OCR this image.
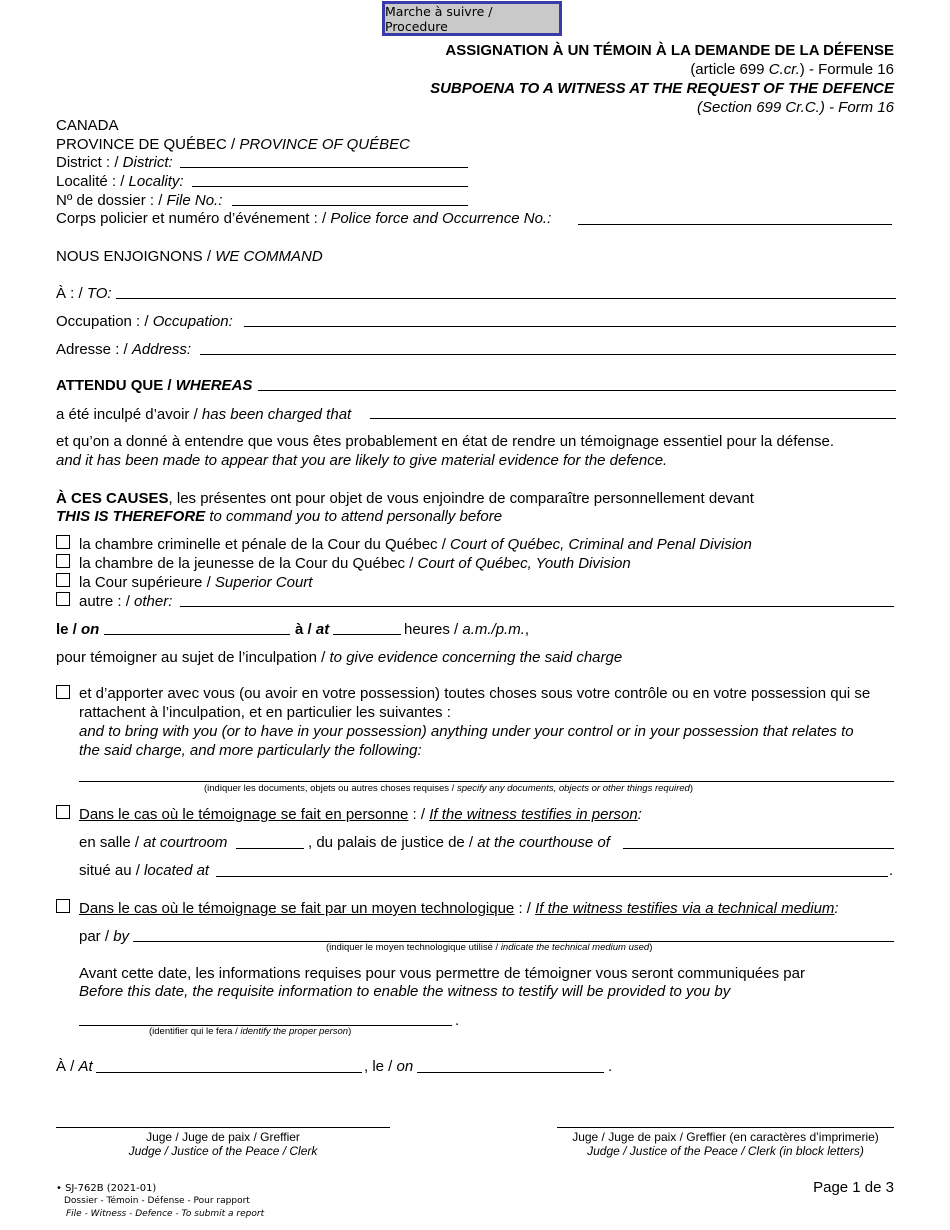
Marche à suivre / Procedure
ASSIGNATION À UN TÉMOIN À LA DEMANDE DE LA DÉFENSE
(article 699 C.cr.) - Formule 16
SUBPOENA TO A WITNESS AT THE REQUEST OF THE DEFENCE
(Section 699 Cr.C.) - Form 16
CANADA
PROVINCE DE QUÉBEC / PROVINCE OF QUÉBEC
District : / District:
Localité : / Locality:
Nº de dossier : / File No.:
Corps policier et numéro d’événement : / Police force and Occurrence No.:
NOUS ENJOIGNONS / WE COMMAND
À : / TO:
Occupation : / Occupation:
Adresse : / Address:
ATTENDU QUE / WHEREAS
a été inculpé d’avoir / has been charged that
et qu’on a donné à entendre que vous êtes probablement en état de rendre un témoignage essentiel pour la défense.
and it has been made to appear that you are likely to give material evidence for the defence.
À CES CAUSES, les présentes ont pour objet de vous enjoindre de comparaître personnellement devant
THIS IS THEREFORE to command you to attend personally before
la chambre criminelle et pénale de la Cour du Québec / Court of Québec, Criminal and Penal Division
la chambre de la jeunesse de la Cour du Québec / Court of Québec, Youth Division
la Cour supérieure / Superior Court
autre : / other:
le / on	à / at	heures / a.m./p.m.,
pour témoigner au sujet de l’inculpation / to give evidence concerning the said charge
et d’apporter avec vous (ou avoir en votre possession) toutes choses sous votre contrôle ou en votre possession qui se
rattachent à l’inculpation, et en particulier les suivantes :
and to bring with you (or to have in your possession) anything under your control or in your possession that relates to
the said charge, and more particularly the following:
(indiquer les documents, objets ou autres choses requises / specify any documents, objects or other things required)
Dans le cas où le témoignage se fait en personne : / If the witness testifies in person:
en salle / at courtroom	, du palais de justice de / at the courthouse of
situé au / located at	.
Dans le cas où le témoignage se fait par un moyen technologique : / If the witness testifies via a technical medium:
par / by
(indiquer le moyen technologique utilisé / indicate the technical medium used)
Avant cette date, les informations requises pour vous permettre de témoigner vous seront communiquées par
Before this date, the requisite information to enable the witness to testify will be provided to you by
.
(identifier qui le fera / identify the proper person)
À / At	, le / on	.
Juge / Juge de paix / Greffier
Judge / Justice of the Peace / Clerk
Juge / Juge de paix / Greffier (en caractères d’imprimerie)
Judge / Justice of the Peace / Clerk (in block letters)
• SJ-762B (2021-01)
Dossier - Témoin - Défense - Pour rapport
File - Witness - Defence - To submit a report
Page 1 de 3
